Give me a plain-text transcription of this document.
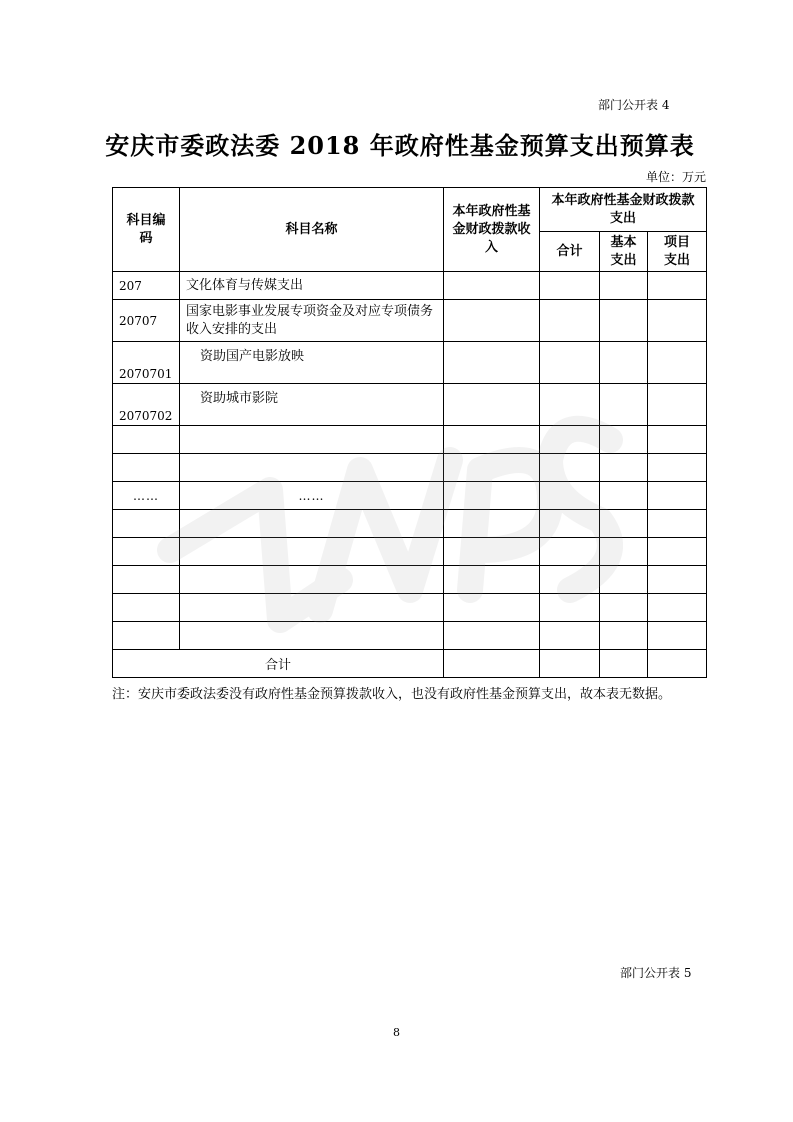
部门公开表 4
安庆市委政法委 2018 年政府性基金预算支出预算表
单位：万元
科目编码	科目名称	本年政府性基金财政拨款收入	本年政府性基金财政拨款支出		
			合计	基本支出	项目支出
207	文化体育与传媒支出				
20707	国家电影事业发展专项资金及对应专项债务收入安排的支出				
2070701	资助国产电影放映				
2070702	资助城市影院				

……	……				

合计					
注：安庆市委政法委没有政府性基金预算拨款收入，也没有政府性基金预算支出，故本表无数据。
部门公开表 5
8
